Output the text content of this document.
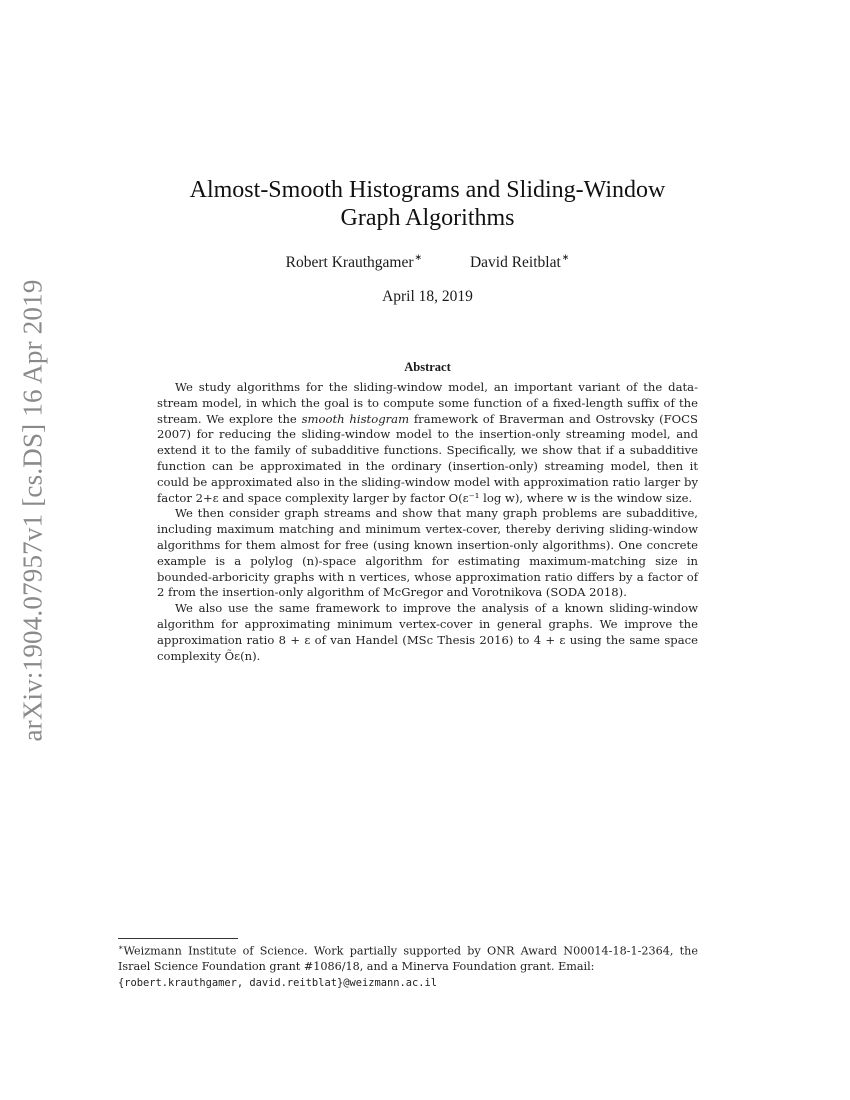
arXiv:1904.07957v1 [cs.DS] 16 Apr 2019
Almost-Smooth Histograms and Sliding-Window Graph Algorithms
Robert Krauthgamer∗	David Reitblat∗
April 18, 2019
Abstract

We study algorithms for the sliding-window model, an important variant of the data-stream model, in which the goal is to compute some function of a fixed-length suffix of the stream. We explore the smooth histogram framework of Braverman and Ostrovsky (FOCS 2007) for reducing the sliding-window model to the insertion-only streaming model, and extend it to the family of subadditive functions. Specifically, we show that if a subadditive function can be approximated in the ordinary (insertion-only) streaming model, then it could be approximated also in the sliding-window model with approximation ratio larger by factor 2+ε and space complexity larger by factor O(ε⁻¹ log w), where w is the window size.

We then consider graph streams and show that many graph problems are subadditive, including maximum matching and minimum vertex-cover, thereby deriving sliding-window algorithms for them almost for free (using known insertion-only algorithms). One concrete example is a polylog (n)-space algorithm for estimating maximum-matching size in bounded-arboricity graphs with n vertices, whose approximation ratio differs by a factor of 2 from the insertion-only algorithm of McGregor and Vorotnikova (SODA 2018).

We also use the same framework to improve the analysis of a known sliding-window algorithm for approximating minimum vertex-cover in general graphs. We improve the approximation ratio 8 + ε of van Handel (MSc Thesis 2016) to 4 + ε using the same space complexity Õε(n).

∗Weizmann Institute of Science. Work partially supported by ONR Award N00014-18-1-2364, the Israel Science Foundation grant #1086/18, and a Minerva Foundation grant. Email:
{robert.krauthgamer, david.reitblat}@weizmann.ac.il
